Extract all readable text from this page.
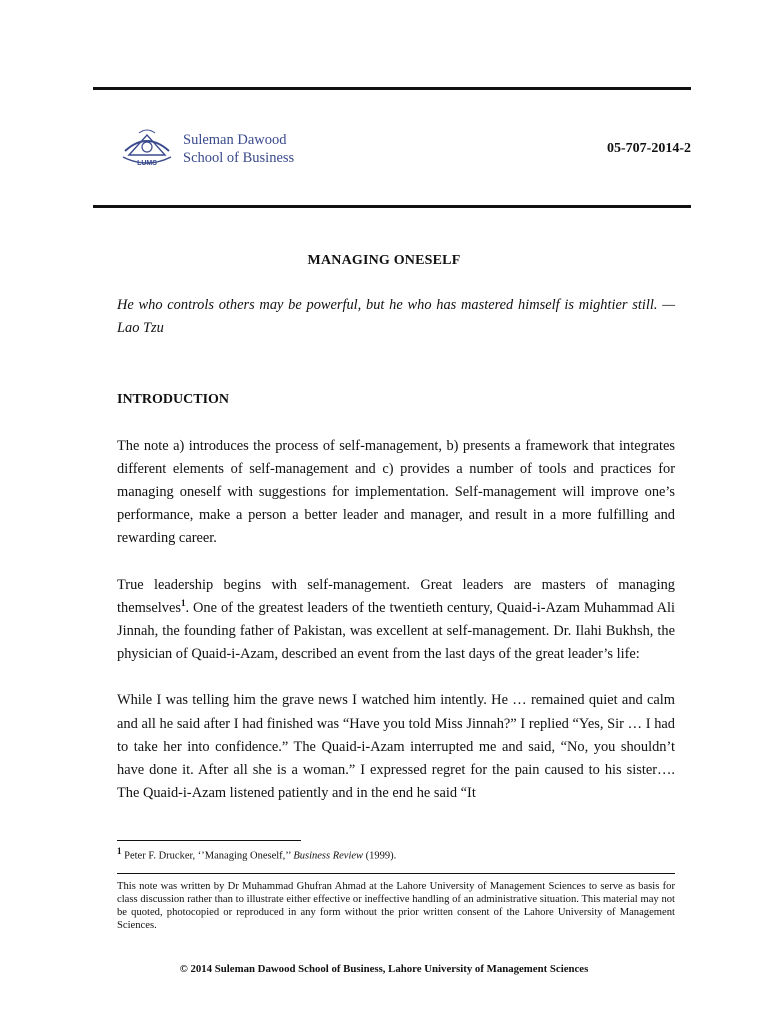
LUMS
Suleman Dawood
School of Business
05-707-2014-2
MANAGING ONESELF

He who controls others may be powerful, but he who has mastered himself is mightier still. — Lao Tzu

INTRODUCTION

The note a) introduces the process of self-management, b) presents a framework that integrates different elements of self-management and c) provides a number of tools and practices for managing oneself with suggestions for implementation. Self-management will improve one’s performance, make a person a better leader and manager, and result in a more fulfilling and rewarding career.

True leadership begins with self-management. Great leaders are masters of managing themselves$^1$. One of the greatest leaders of the twentieth century, Quaid-i-Azam Muhammad Ali Jinnah, the founding father of Pakistan, was excellent at self-management. Dr. Ilahi Bukhsh, the physician of Quaid-i-Azam, described an event from the last days of the great leader’s life:

While I was telling him the grave news I watched him intently. He … remained quiet and calm and all he said after I had finished was “Have you told Miss Jinnah?” I replied “Yes, Sir … I had to take her into confidence.” The Quaid-i-Azam interrupted me and said, “No, you shouldn’t have done it. After all she is a woman.” I expressed regret for the pain caused to his sister…. The Quaid-i-Azam listened patiently and in the end he said “It

$^1$ Peter F. Drucker, ‘’Managing Oneself,’’ Business Review (1999).
This note was written by Dr Muhammad Ghufran Ahmad at the Lahore University of Management Sciences to serve as basis for class discussion rather than to illustrate either effective or ineffective handling of an administrative situation. This material may not be quoted, photocopied or reproduced in any form without the prior written consent of the Lahore University of Management Sciences.
© 2014 Suleman Dawood School of Business, Lahore University of Management Sciences
